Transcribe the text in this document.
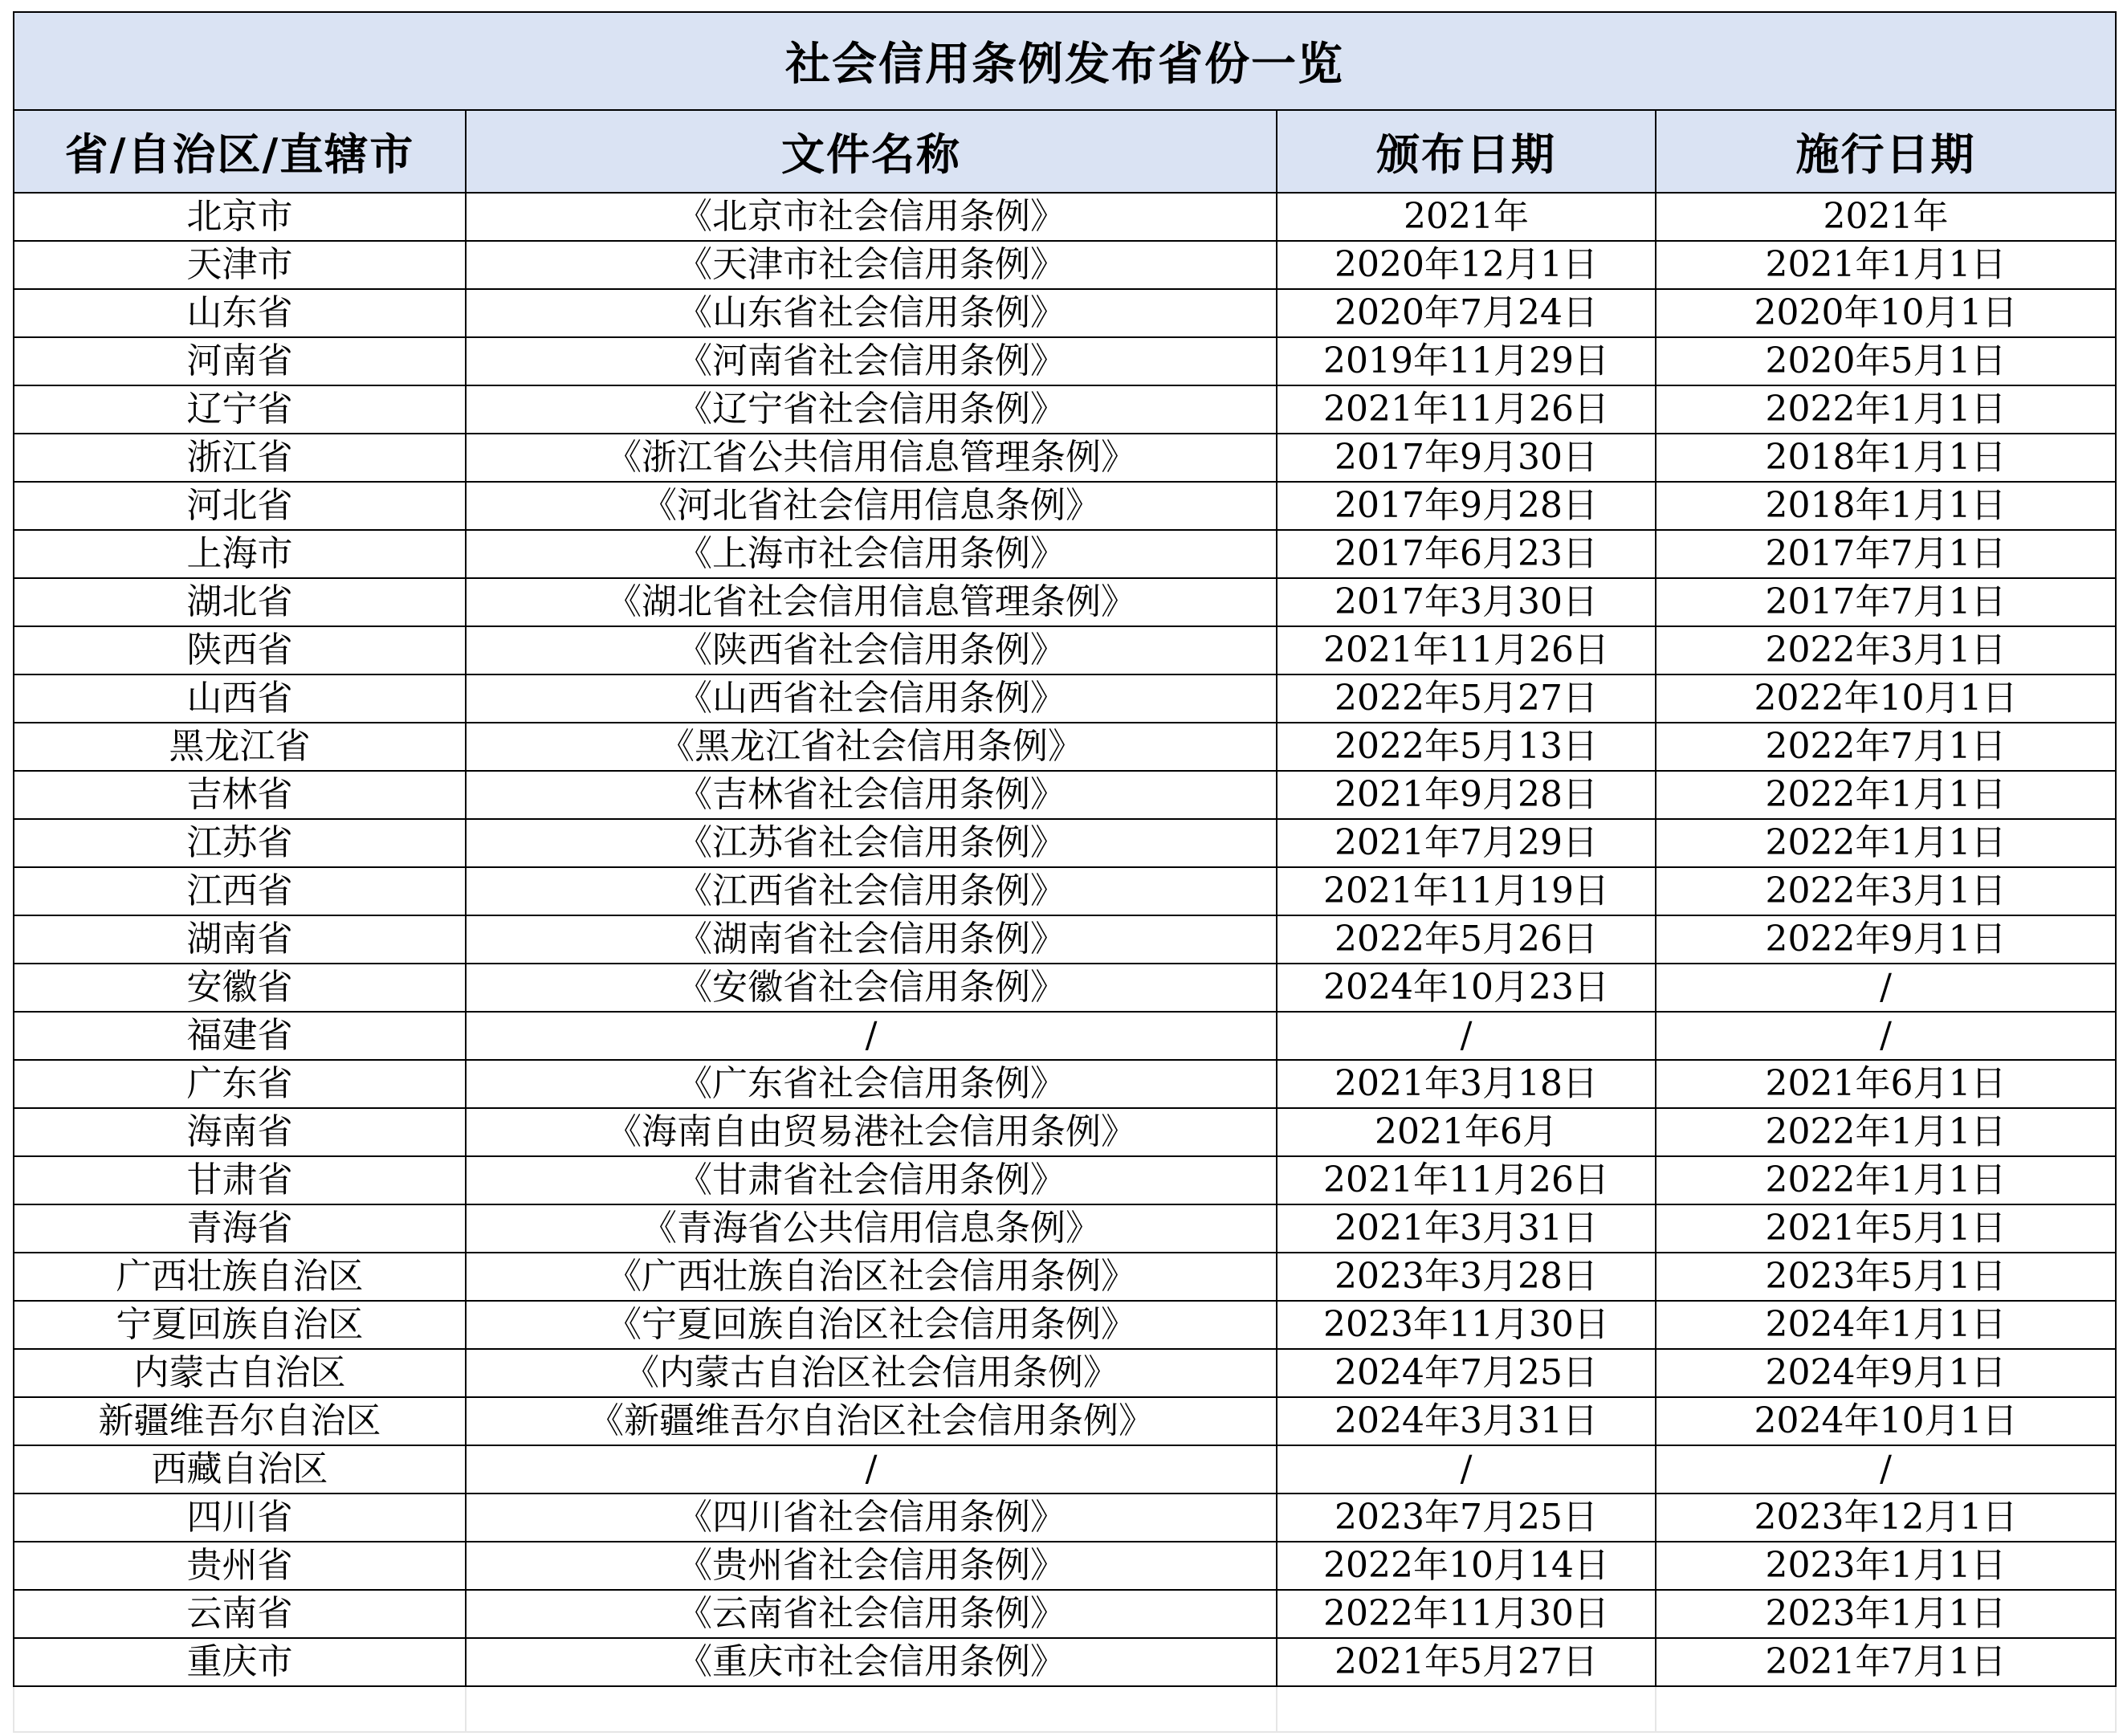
社会信用条例发布省份一览			
省/自治区/直辖市	文件名称	颁布日期	施行日期
北京市	《北京市社会信用条例》	2021年	2021年
天津市	《天津市社会信用条例》	2020年12月1日	2021年1月1日
山东省	《山东省社会信用条例》	2020年7月24日	2020年10月1日
河南省	《河南省社会信用条例》	2019年11月29日	2020年5月1日
辽宁省	《辽宁省社会信用条例》	2021年11月26日	2022年1月1日
浙江省	《浙江省公共信用信息管理条例》	2017年9月30日	2018年1月1日
河北省	《河北省社会信用信息条例》	2017年9月28日	2018年1月1日
上海市	《上海市社会信用条例》	2017年6月23日	2017年7月1日
湖北省	《湖北省社会信用信息管理条例》	2017年3月30日	2017年7月1日
陕西省	《陕西省社会信用条例》	2021年11月26日	2022年3月1日
山西省	《山西省社会信用条例》	2022年5月27日	2022年10月1日
黑龙江省	《黑龙江省社会信用条例》	2022年5月13日	2022年7月1日
吉林省	《吉林省社会信用条例》	2021年9月28日	2022年1月1日
江苏省	《江苏省社会信用条例》	2021年7月29日	2022年1月1日
江西省	《江西省社会信用条例》	2021年11月19日	2022年3月1日
湖南省	《湖南省社会信用条例》	2022年5月26日	2022年9月1日
安徽省	《安徽省社会信用条例》	2024年10月23日	/
福建省	/	/	/
广东省	《广东省社会信用条例》	2021年3月18日	2021年6月1日
海南省	《海南自由贸易港社会信用条例》	2021年6月	2022年1月1日
甘肃省	《甘肃省社会信用条例》	2021年11月26日	2022年1月1日
青海省	《青海省公共信用信息条例》	2021年3月31日	2021年5月1日
广西壮族自治区	《广西壮族自治区社会信用条例》	2023年3月28日	2023年5月1日
宁夏回族自治区	《宁夏回族自治区社会信用条例》	2023年11月30日	2024年1月1日
内蒙古自治区	《内蒙古自治区社会信用条例》	2024年7月25日	2024年9月1日
新疆维吾尔自治区	《新疆维吾尔自治区社会信用条例》	2024年3月31日	2024年10月1日
西藏自治区	/	/	/
四川省	《四川省社会信用条例》	2023年7月25日	2023年12月1日
贵州省	《贵州省社会信用条例》	2022年10月14日	2023年1月1日
云南省	《云南省社会信用条例》	2022年11月30日	2023年1月1日
重庆市	《重庆市社会信用条例》	2021年5月27日	2021年7月1日
